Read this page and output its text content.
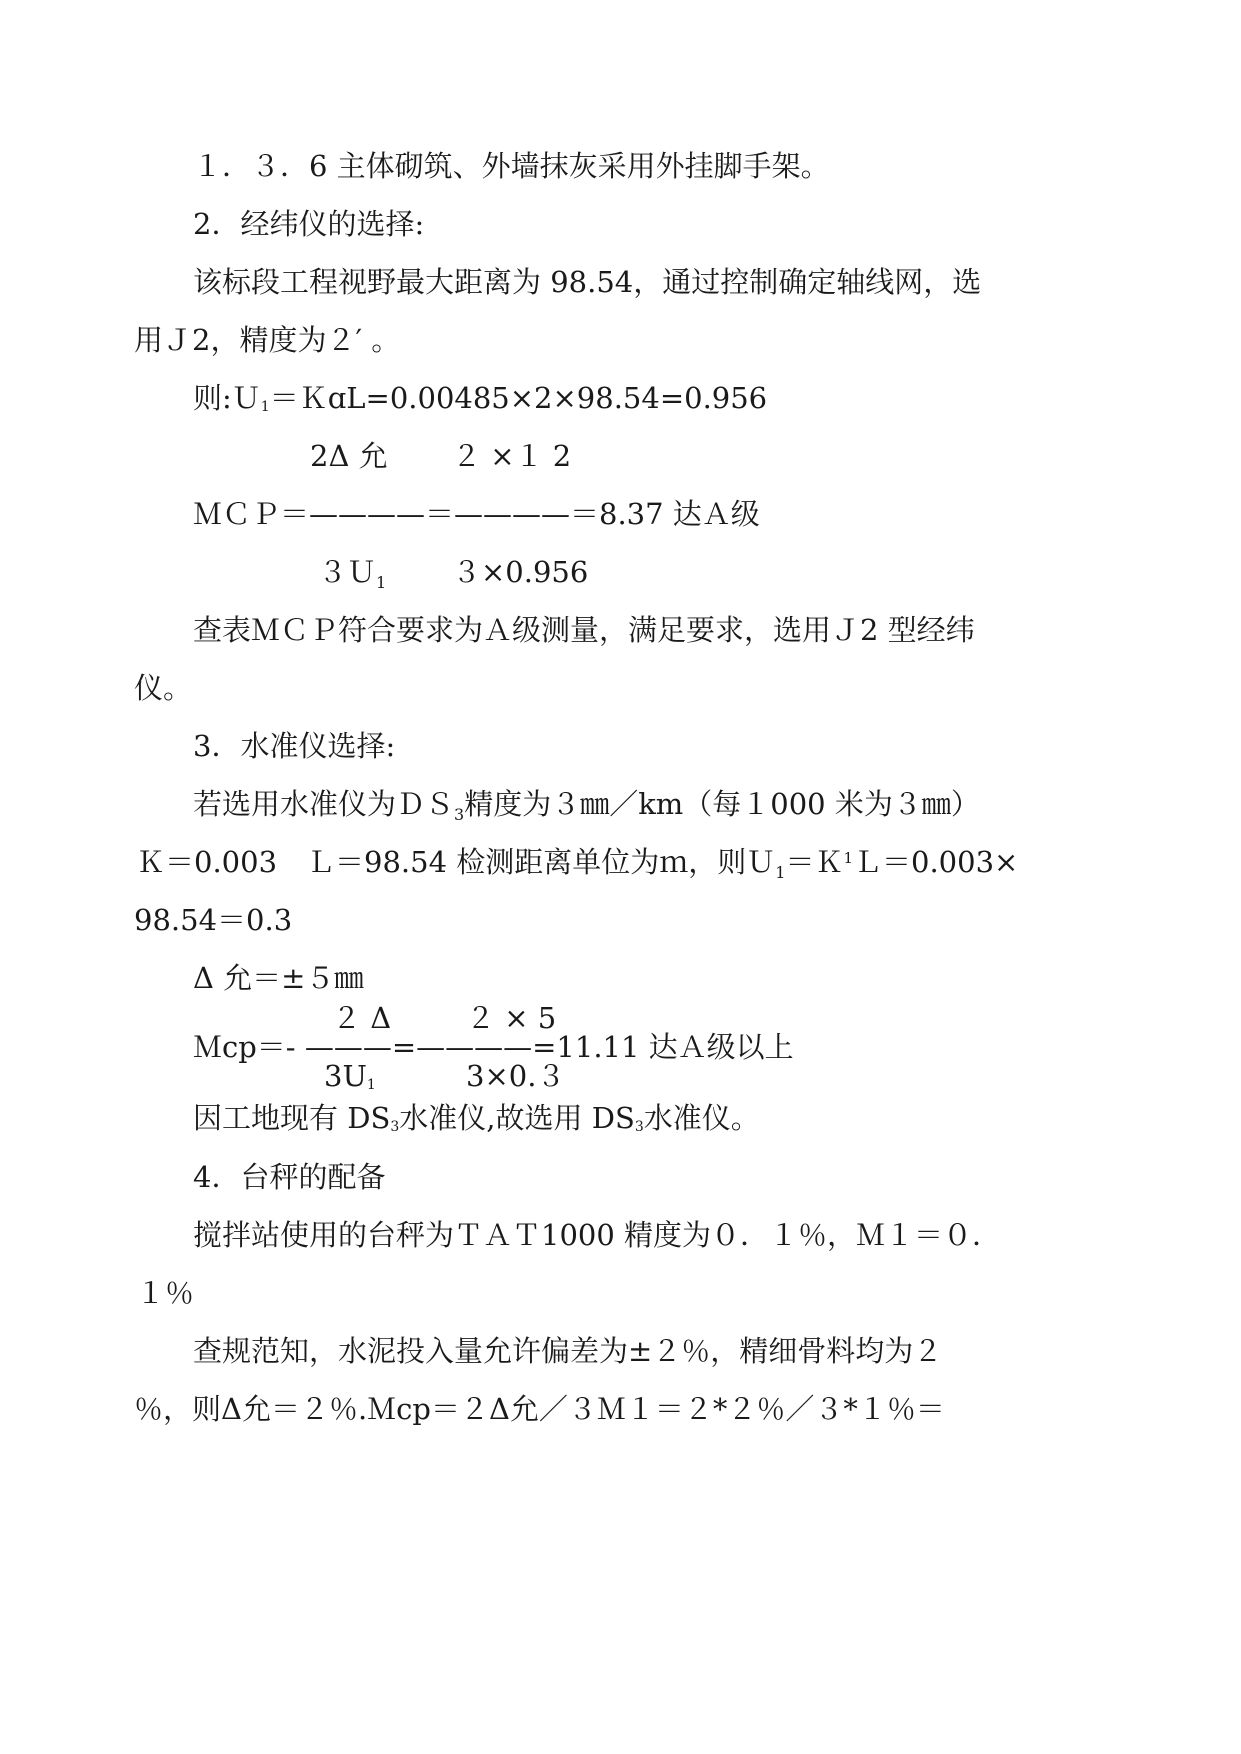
１．３．6 主体砌筑、外墙抹灰采用外挂脚手架。
2．经纬仪的选择:
该标段工程视野最大距离为 98.54，通过控制确定轴线网，选
用Ｊ2，精度为２′ 。
则:Ｕ$_1$＝ＫɑL=0.00485×2×98.54=0.956
2Δ 允 ２ ×１ 2
ＭＣＰ＝————＝————＝8.37 达Ａ级
３Ｕ$_1$ ３×0.956
查表ＭＣＰ符合要求为Ａ级测量，满足要求，选用Ｊ2 型经纬
仪。
3．水准仪选择:
若选用水准仪为ＤＳ$_3$精度为３㎜／km（每１000 米为３㎜）
Ｋ＝0.003　Ｌ＝98.54 检测距离单位为ｍ，则Ｕ$_1$＝Ｋ$^1$Ｌ＝0.003×
98.54＝0.3
Δ 允＝±５㎜
２ Δ	２ × 5
Ｍcp＝- ———=————=11.11 达Ａ级以上
$3U_1$	3×0.３
因工地现有 $DS_3$水准仪,故选用 $DS_3$水准仪。
4．台秤的配备
搅拌站使用的台秤为ＴＡＴ1000 精度为０．１％，Ｍ１＝０．
１％
查规范知，水泥投入量允许偏差为±２％，精细骨料均为２
％，则Δ允＝２％.Ｍcp＝２Δ允／３Ｍ１＝２*２％／３*１％＝
